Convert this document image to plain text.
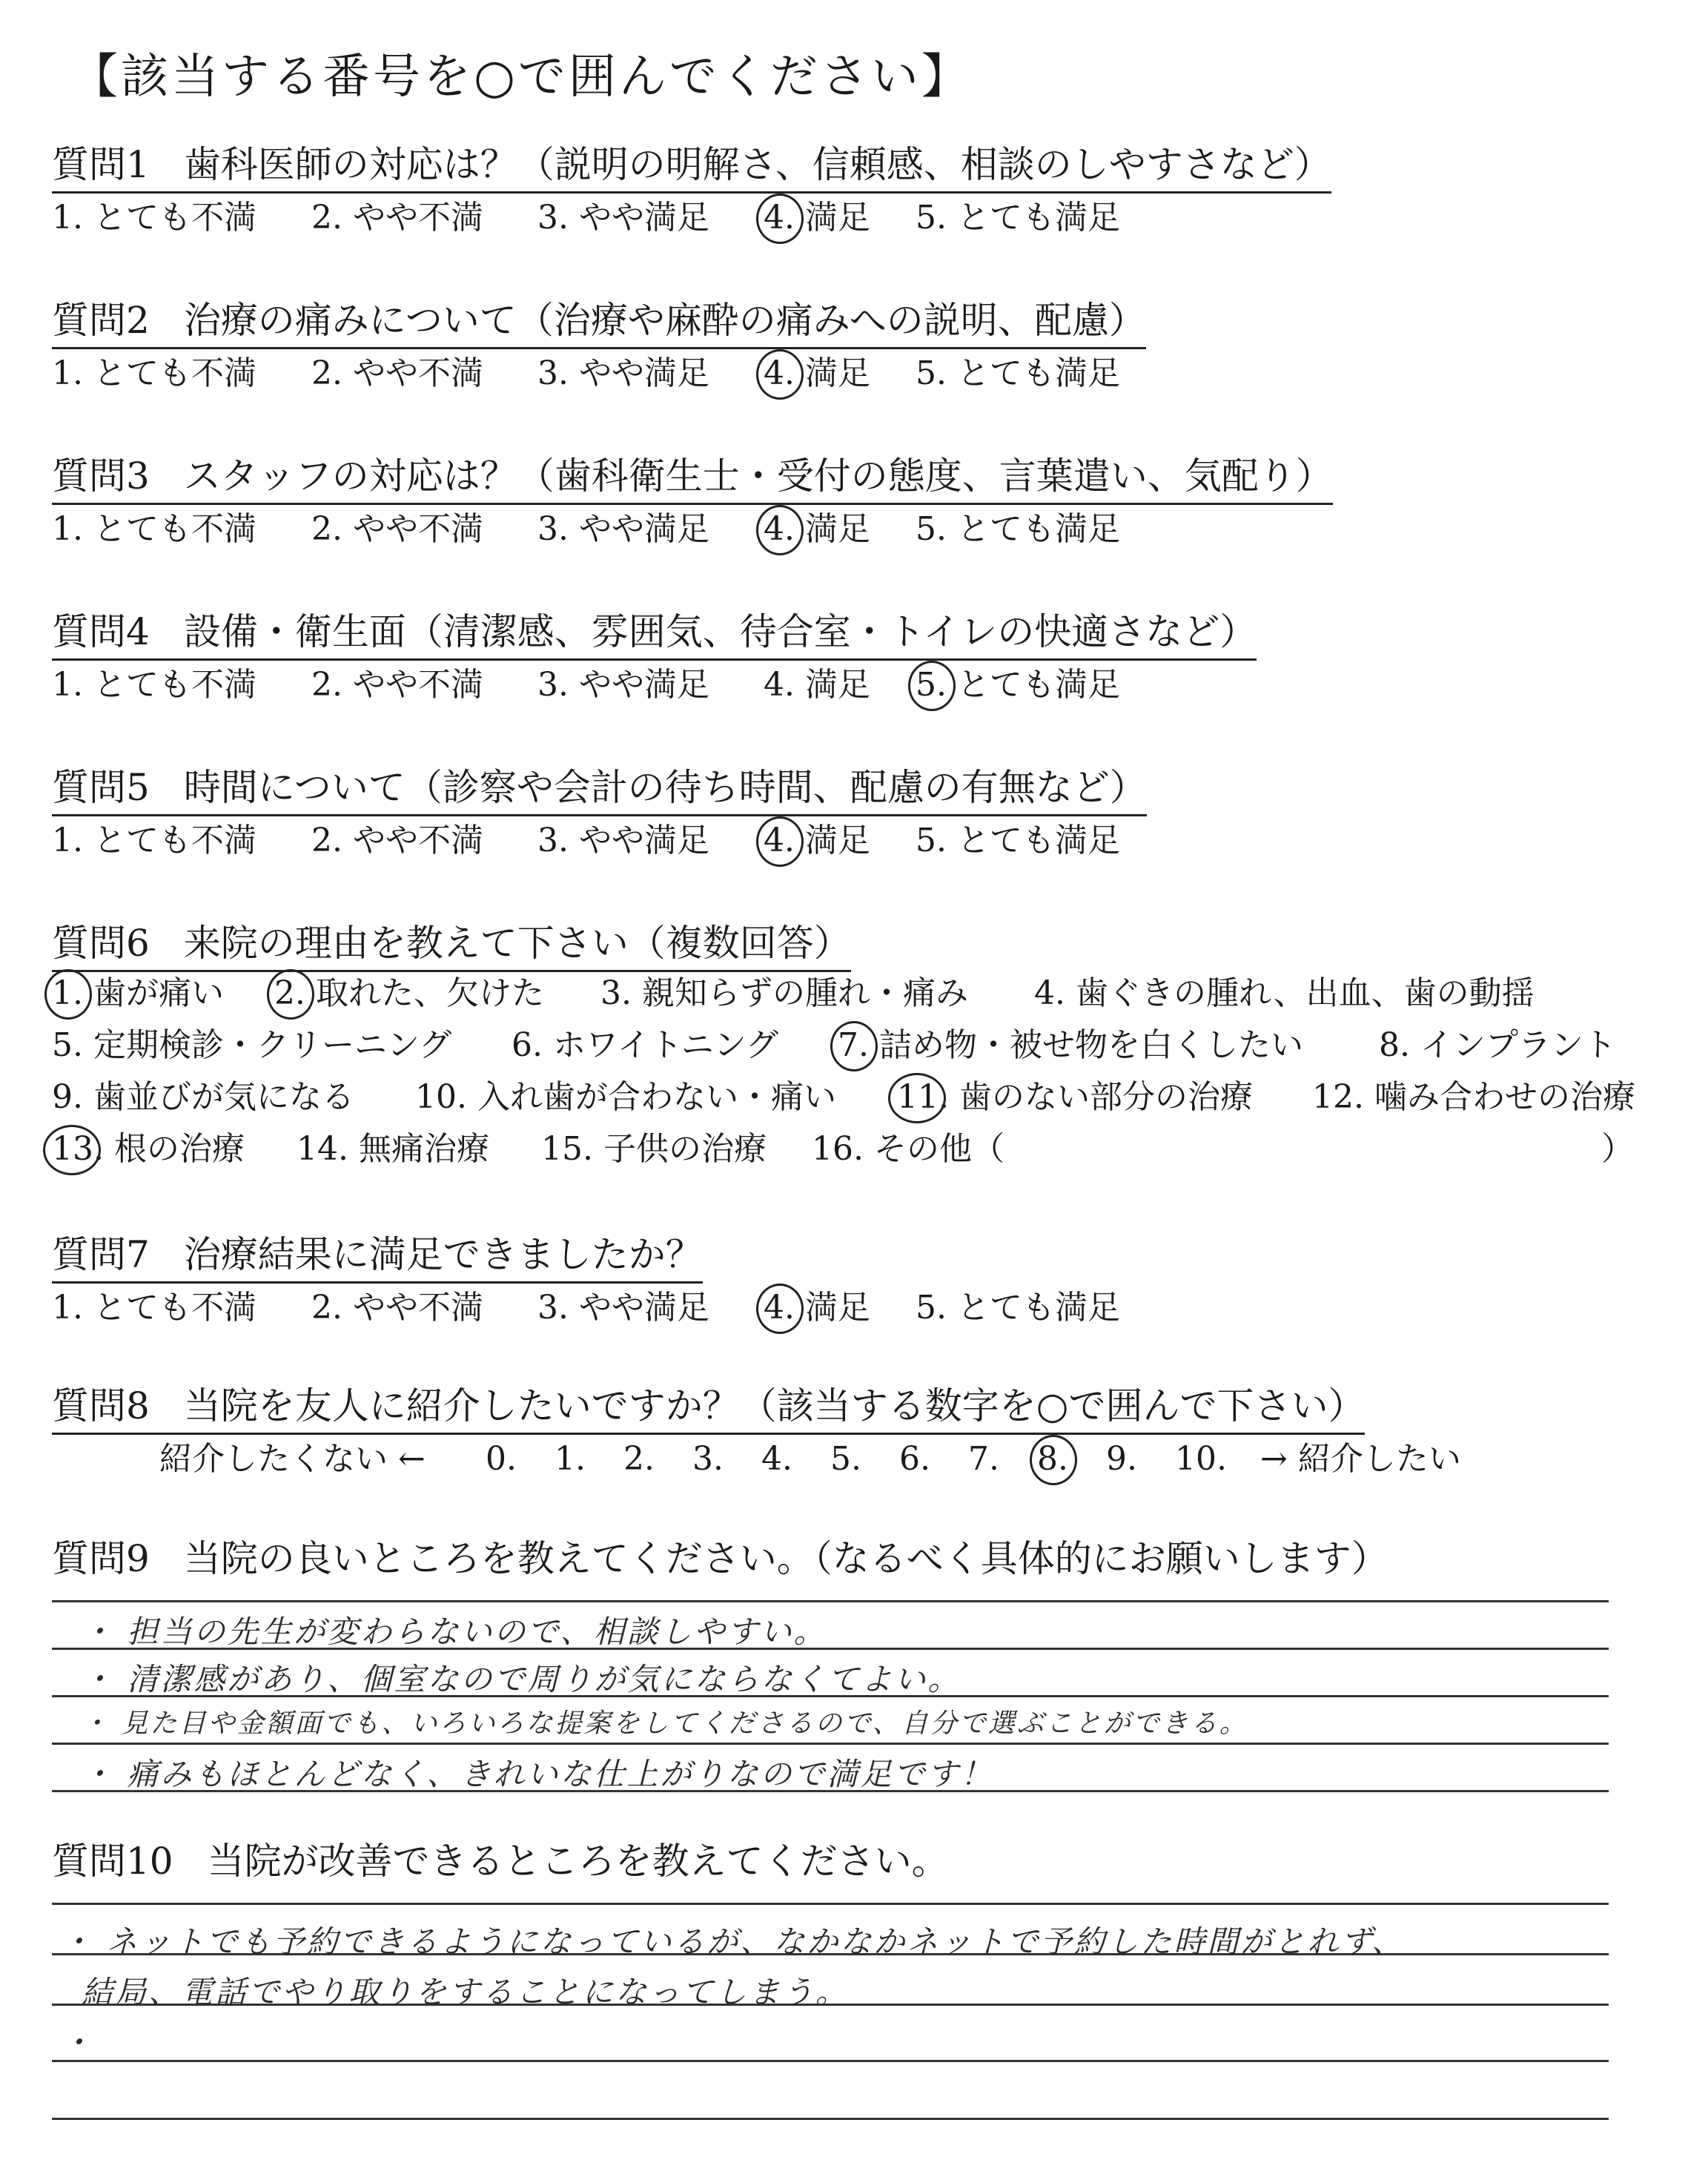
【該当する番号を○で囲んでください】
質問1 歯科医師の対応は？（説明の明解さ、信頼感、相談のしやすさなど）
1. とても不満 2. やや不満 3. やや満足 4. 満足 5. とても満足
質問2 治療の痛みについて（治療や麻酔の痛みへの説明、配慮）
1. とても不満 2. やや不満 3. やや満足 4. 満足 5. とても満足
質問3 スタッフの対応は？（歯科衛生士・受付の態度、言葉遣い、気配り）
1. とても不満 2. やや不満 3. やや満足 4. 満足 5. とても満足
質問4 設備・衛生面（清潔感、雰囲気、待合室・トイレの快適さなど）
1. とても不満 2. やや不満 3. やや満足 4. 満足 5. とても満足
質問5 時間について（診察や会計の待ち時間、配慮の有無など）
1. とても不満 2. やや不満 3. やや満足 4. 満足 5. とても満足
質問6 来院の理由を教えて下さい（複数回答）
1. 歯が痛い 2. 取れた、欠けた 3. 親知らずの腫れ・痛み 4. 歯ぐきの腫れ、出血、歯の動揺
5. 定期検診・クリーニング 6. ホワイトニング 7. 詰め物・被せ物を白くしたい 8. インプラント
9. 歯並びが気になる 10. 入れ歯が合わない・痛い 11. 歯のない部分の治療 12. 噛み合わせの治療
13. 根の治療 14. 無痛治療 15. 子供の治療 16. その他（	）
質問7 治療結果に満足できましたか？
1. とても不満 2. やや不満 3. やや満足 4. 満足 5. とても満足
質問8 当院を友人に紹介したいですか？（該当する数字を○で囲んで下さい）
紹介したくない ← 0. 1. 2. 3. 4. 5. 6. 7. 8. 9. 10. → 紹介したい
質問9 当院の良いところを教えてください。（なるべく具体的にお願いします）
・ 担当の先生が変わらないので、相談しやすい。
・ 清潔感があり、個室なので周りが気にならなくてよい。
・ 見た目や金額面でも、いろいろな提案をしてくださるので、自分で選ぶことができる。
・ 痛みもほとんどなく、きれいな仕上がりなので満足です！
質問10 当院が改善できるところを教えてください。
・ ネットでも予約できるようになっているが、なかなかネットで予約した時間がとれず、
結局、電話でやり取りをすることになってしまう。
・
